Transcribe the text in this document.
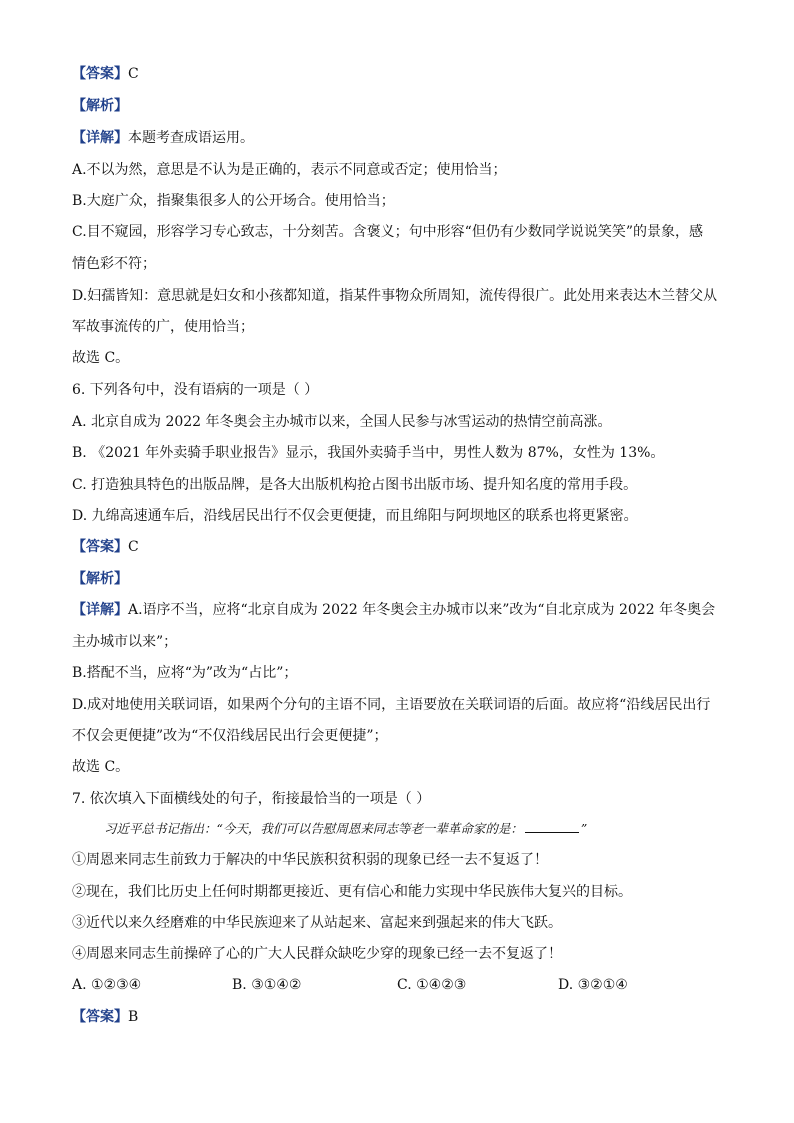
【答案】C
【解析】
【详解】本题考查成语运用。
A.不以为然，意思是不认为是正确的，表示不同意或否定；使用恰当；
B.大庭广众，指聚集很多人的公开场合。使用恰当；
C.目不窥园，形容学习专心致志，十分刻苦。含褒义；句中形容“但仍有少数同学说说笑笑”的景象，感
情色彩不符；
D.妇孺皆知：意思就是妇女和小孩都知道，指某件事物众所周知，流传得很广。此处用来表达木兰替父从
军故事流传的广，使用恰当；
故选 C。
6. 下列各句中，没有语病的一项是（ ）
A. 北京自成为 2022 年冬奥会主办城市以来，全国人民参与冰雪运动的热情空前高涨。
B. 《2021 年外卖骑手职业报告》显示，我国外卖骑手当中，男性人数为 87%，女性为 13%。
C. 打造独具特色的出版品牌，是各大出版机构抢占图书出版市场、提升知名度的常用手段。
D. 九绵高速通车后，沿线居民出行不仅会更便捷，而且绵阳与阿坝地区的联系也将更紧密。
【答案】C
【解析】
【详解】A.语序不当，应将“北京自成为 2022 年冬奥会主办城市以来”改为“自北京成为 2022 年冬奥会
主办城市以来”；
B.搭配不当，应将“为”改为“占比”；
D.成对地使用关联词语，如果两个分句的主语不同，主语要放在关联词语的后面。故应将“沿线居民出行
不仅会更便捷”改为“不仅沿线居民出行会更便捷”；
故选 C。
7. 依次填入下面横线处的句子，衔接最恰当的一项是（ ）
习近平总书记指出：“今天，我们可以告慰周恩来同志等老一辈革命家的是：	”
①周恩来同志生前致力于解决的中华民族积贫积弱的现象已经一去不复返了！
②现在，我们比历史上任何时期都更接近、更有信心和能力实现中华民族伟大复兴的目标。
③近代以来久经磨难的中华民族迎来了从站起来、富起来到强起来的伟大飞跃。
④周恩来同志生前操碎了心的广大人民群众缺吃少穿的现象已经一去不复返了！
A. ①②③④	B. ③①④②	C. ①④②③	D. ③②①④
【答案】B
